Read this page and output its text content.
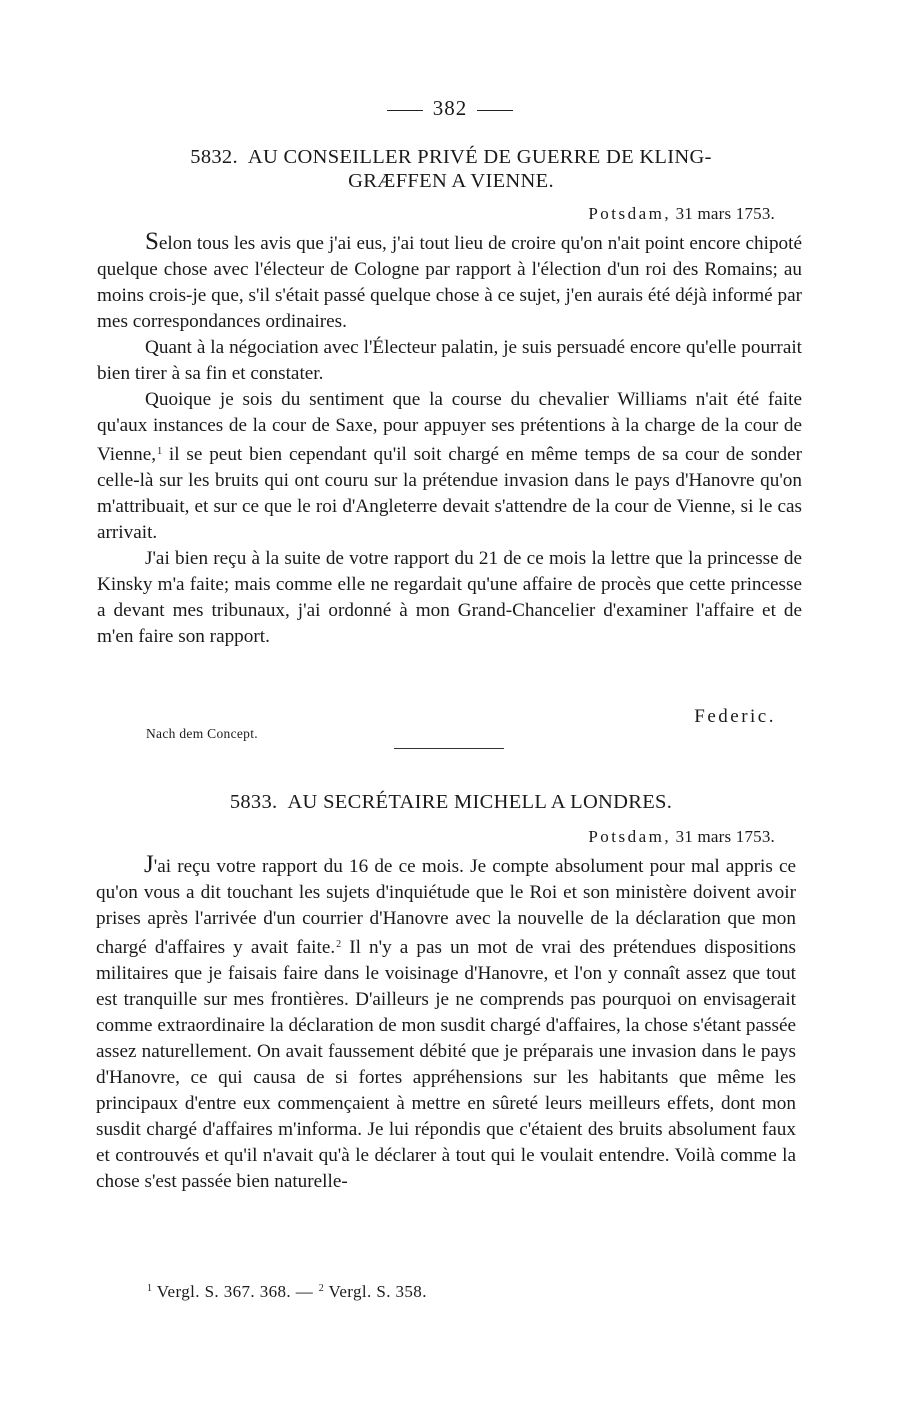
382
5832. AU CONSEILLER PRIVÉ DE GUERRE DE KLING-
GRÆFFEN A VIENNE.
Potsdam, 31 mars 1753.

Selon tous les avis que j'ai eus, j'ai tout lieu de croire qu'on n'ait point encore chipoté quelque chose avec l'électeur de Cologne par rapport à l'élection d'un roi des Romains; au moins crois-je que, s'il s'était passé quelque chose à ce sujet, j'en aurais été déjà informé par mes correspondances ordinaires.

Quant à la négociation avec l'Électeur palatin, je suis persuadé encore qu'elle pourrait bien tirer à sa fin et constater.

Quoique je sois du sentiment que la course du chevalier Williams n'ait été faite qu'aux instances de la cour de Saxe, pour appuyer ses prétentions à la charge de la cour de Vienne,$^1$ il se peut bien cependant qu'il soit chargé en même temps de sa cour de sonder celle-là sur les bruits qui ont couru sur la prétendue invasion dans le pays d'Hanovre qu'on m'attribuait, et sur ce que le roi d'Angleterre devait s'attendre de la cour de Vienne, si le cas arrivait.

J'ai bien reçu à la suite de votre rapport du 21 de ce mois la lettre que la princesse de Kinsky m'a faite; mais comme elle ne regardait qu'une affaire de procès que cette princesse a devant mes tribunaux, j'ai ordonné à mon Grand-Chancelier d'examiner l'affaire et de m'en faire son rapport.

Federic.
Nach dem Concept.
5833. AU SECRÉTAIRE MICHELL A LONDRES.
Potsdam, 31 mars 1753.

J'ai reçu votre rapport du 16 de ce mois. Je compte absolument pour mal appris ce qu'on vous a dit touchant les sujets d'inquiétude que le Roi et son ministère doivent avoir prises après l'arrivée d'un courrier d'Hanovre avec la nouvelle de la déclaration que mon chargé d'affaires y avait faite.$^2$ Il n'y a pas un mot de vrai des prétendues dispositions militaires que je faisais faire dans le voisinage d'Hanovre, et l'on y connaît assez que tout est tranquille sur mes frontières. D'ailleurs je ne comprends pas pourquoi on envisagerait comme extraordinaire la déclaration de mon susdit chargé d'affaires, la chose s'étant passée assez naturellement. On avait faussement débité que je préparais une invasion dans le pays d'Hanovre, ce qui causa de si fortes appréhensions sur les habitants que même les principaux d'entre eux commençaient à mettre en sûreté leurs meilleurs effets, dont mon susdit chargé d'affaires m'informa. Je lui répondis que c'étaient des bruits absolument faux et controuvés et qu'il n'avait qu'à le déclarer à tout qui le voulait entendre. Voilà comme la chose s'est passée bien naturelle-

$^1$ Vergl. S. 367. 368. — $^2$ Vergl. S. 358.
